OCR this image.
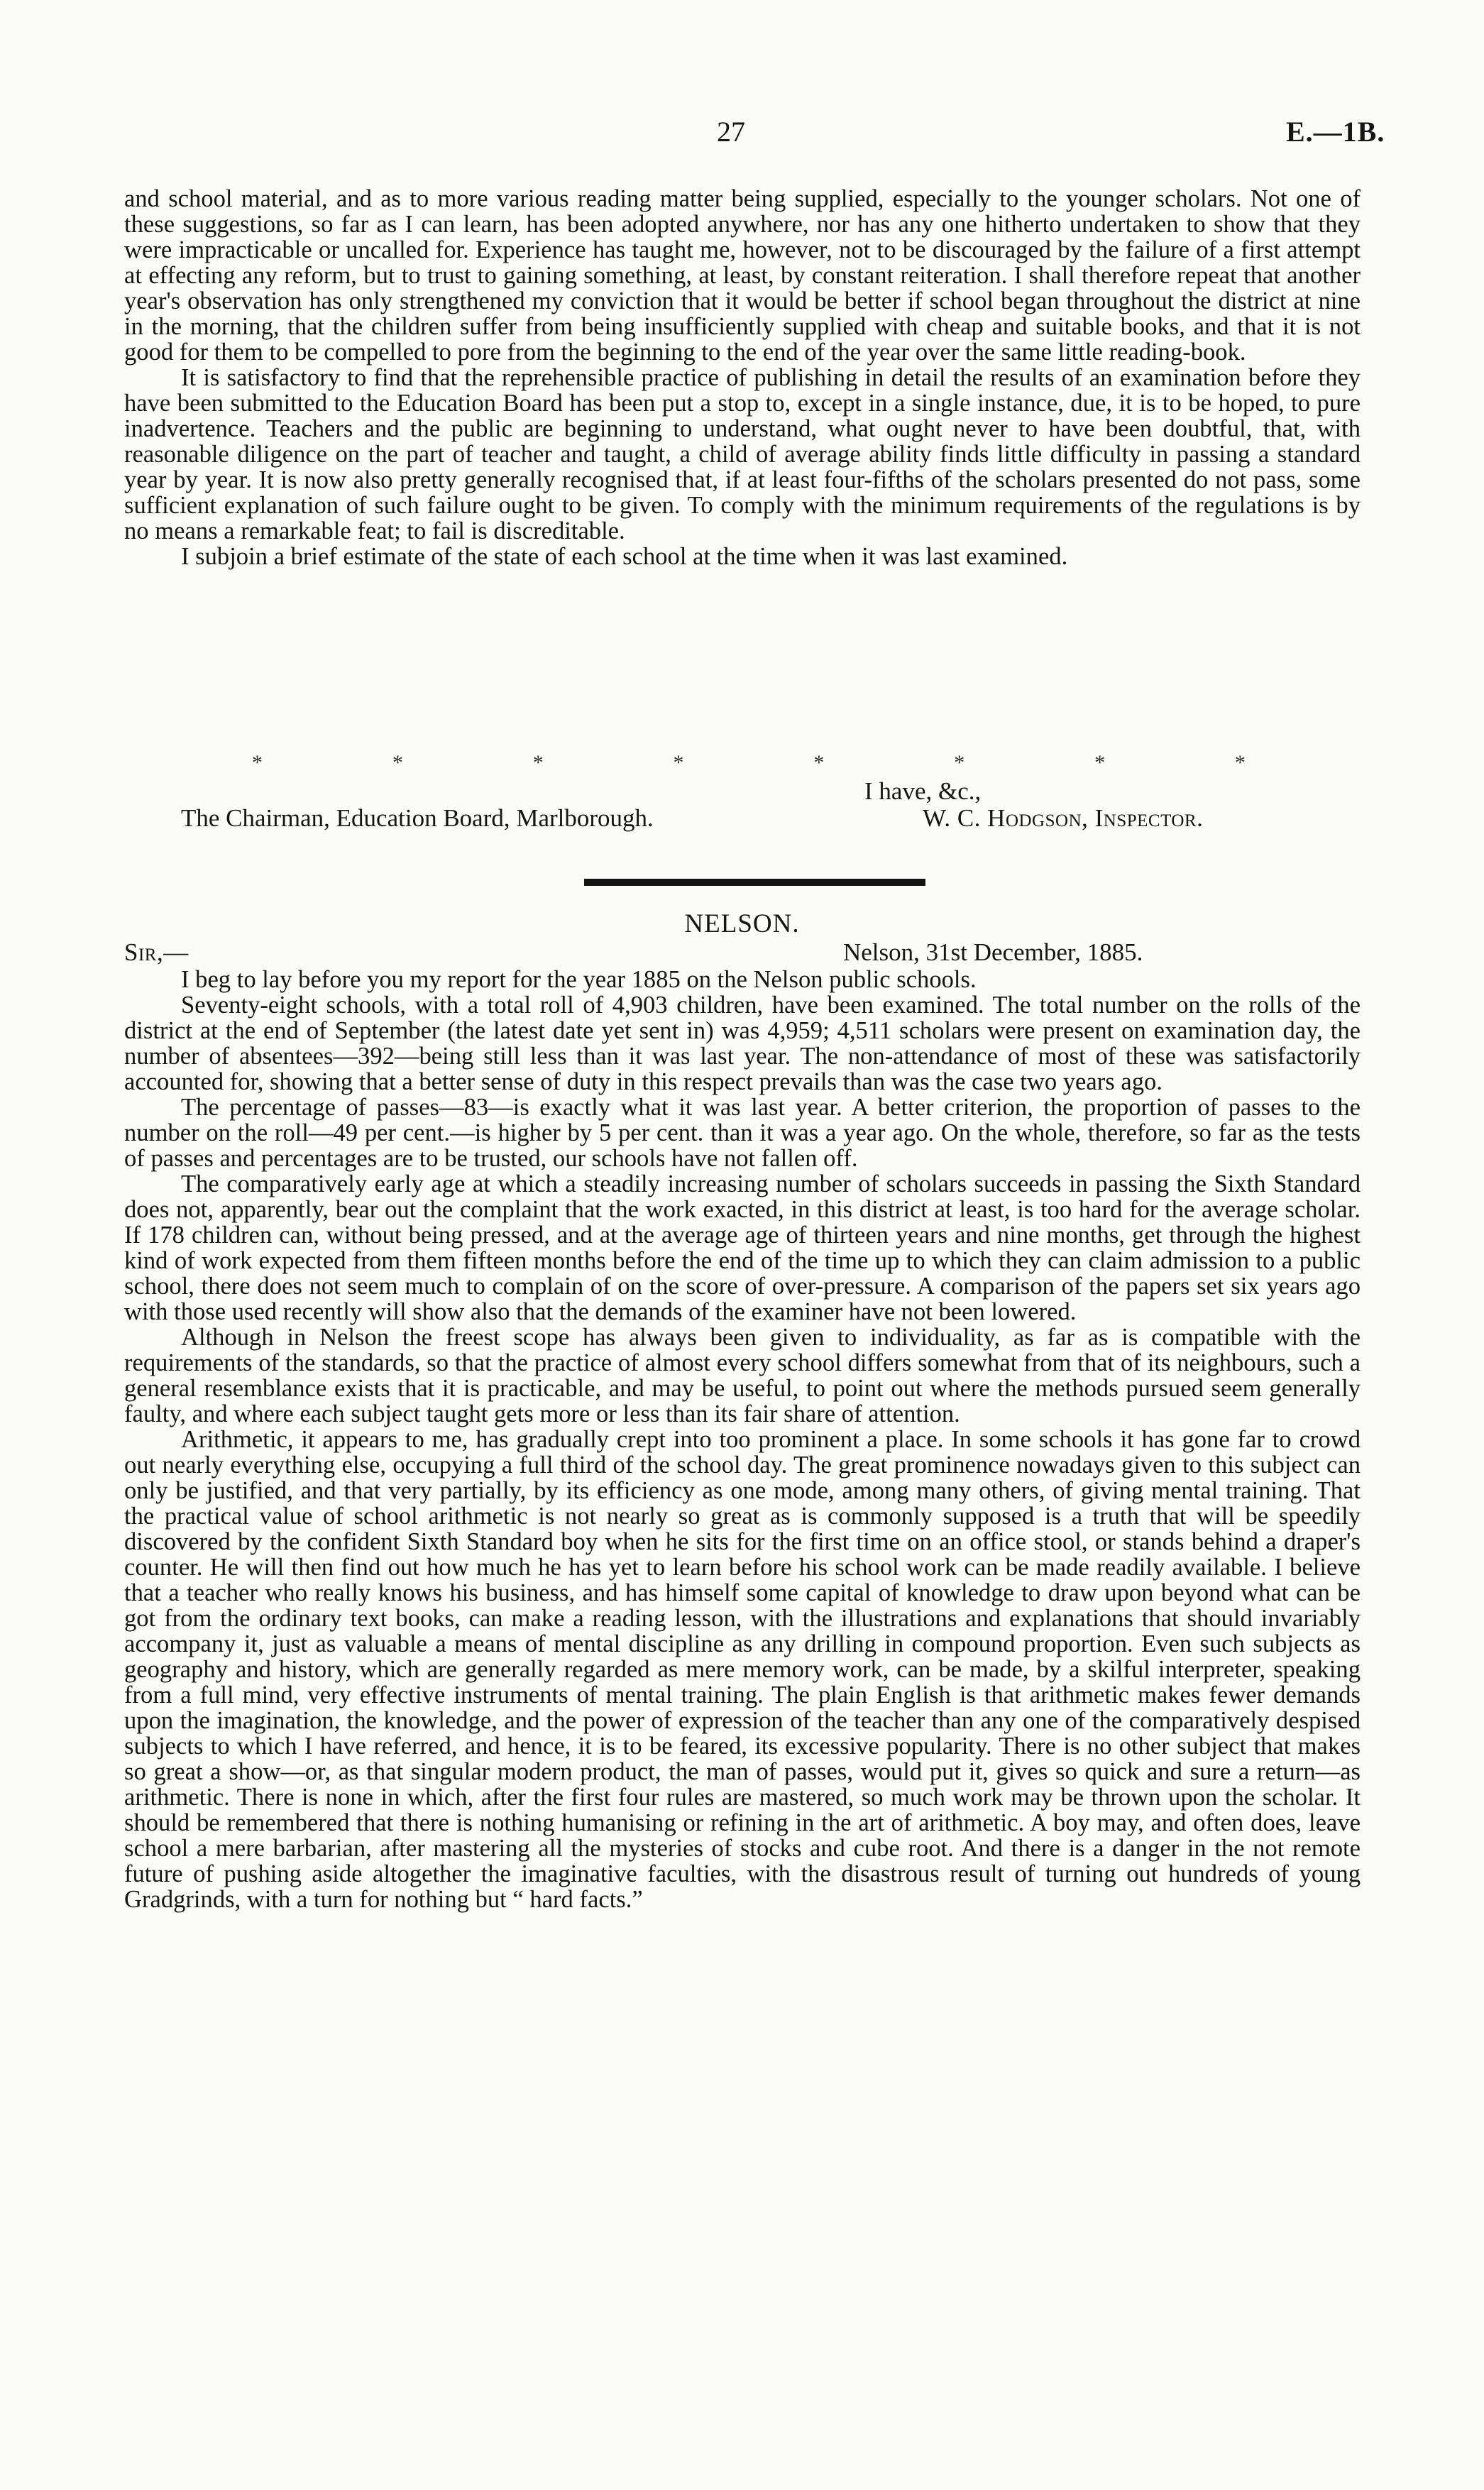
27	E.—1B.

and school material, and as to more various reading matter being supplied, especially to the younger scholars. Not one of these suggestions, so far as I can learn, has been adopted anywhere, nor has any one hitherto undertaken to show that they were impracticable or uncalled for. Experience has taught me, however, not to be discouraged by the failure of a first attempt at effecting any reform, but to trust to gaining something, at least, by constant reiteration. I shall therefore repeat that another year's observation has only strengthened my conviction that it would be better if school began throughout the district at nine in the morning, that the children suffer from being insufficiently supplied with cheap and suitable books, and that it is not good for them to be compelled to pore from the beginning to the end of the year over the same little reading-book.

It is satisfactory to find that the reprehensible practice of publishing in detail the results of an examination before they have been submitted to the Education Board has been put a stop to, except in a single instance, due, it is to be hoped, to pure inadvertence. Teachers and the public are beginning to understand, what ought never to have been doubtful, that, with reasonable diligence on the part of teacher and taught, a child of average ability finds little difficulty in passing a standard year by year. It is now also pretty generally recognised that, if at least four-fifths of the scholars presented do not pass, some sufficient explanation of such failure ought to be given. To comply with the minimum requirements of the regulations is by no means a remarkable feat; to fail is discreditable.

I subjoin a brief estimate of the state of each school at the time when it was last examined.

*	*	*	*	*	*	*	*
I have, &c.,
The Chairman, Education Board, Marlborough.	W. C. Hodgson, Inspector.
NELSON.
Sir,—	Nelson, 31st December, 1885.

I beg to lay before you my report for the year 1885 on the Nelson public schools.

Seventy-eight schools, with a total roll of 4,903 children, have been examined. The total number on the rolls of the district at the end of September (the latest date yet sent in) was 4,959; 4,511 scholars were present on examination day, the number of absentees—392—being still less than it was last year. The non-attendance of most of these was satisfactorily accounted for, showing that a better sense of duty in this respect prevails than was the case two years ago.

The percentage of passes—83—is exactly what it was last year. A better criterion, the proportion of passes to the number on the roll—49 per cent.—is higher by 5 per cent. than it was a year ago. On the whole, therefore, so far as the tests of passes and percentages are to be trusted, our schools have not fallen off.

The comparatively early age at which a steadily increasing number of scholars succeeds in passing the Sixth Standard does not, apparently, bear out the complaint that the work exacted, in this district at least, is too hard for the average scholar. If 178 children can, without being pressed, and at the average age of thirteen years and nine months, get through the highest kind of work expected from them fifteen months before the end of the time up to which they can claim admission to a public school, there does not seem much to complain of on the score of over-pressure. A comparison of the papers set six years ago with those used recently will show also that the demands of the examiner have not been lowered.

Although in Nelson the freest scope has always been given to individuality, as far as is compatible with the requirements of the standards, so that the practice of almost every school differs somewhat from that of its neighbours, such a general resemblance exists that it is practicable, and may be useful, to point out where the methods pursued seem generally faulty, and where each subject taught gets more or less than its fair share of attention.

Arithmetic, it appears to me, has gradually crept into too prominent a place. In some schools it has gone far to crowd out nearly everything else, occupying a full third of the school day. The great prominence nowadays given to this subject can only be justified, and that very partially, by its efficiency as one mode, among many others, of giving mental training. That the practical value of school arithmetic is not nearly so great as is commonly supposed is a truth that will be speedily discovered by the confident Sixth Standard boy when he sits for the first time on an office stool, or stands behind a draper's counter. He will then find out how much he has yet to learn before his school work can be made readily available. I believe that a teacher who really knows his business, and has himself some capital of knowledge to draw upon beyond what can be got from the ordinary text books, can make a reading lesson, with the illustrations and explanations that should invariably accompany it, just as valuable a means of mental discipline as any drilling in compound proportion. Even such subjects as geography and history, which are generally regarded as mere memory work, can be made, by a skilful interpreter, speaking from a full mind, very effective instruments of mental training. The plain English is that arithmetic makes fewer demands upon the imagination, the knowledge, and the power of expression of the teacher than any one of the comparatively despised subjects to which I have referred, and hence, it is to be feared, its excessive popularity. There is no other subject that makes so great a show—or, as that singular modern product, the man of passes, would put it, gives so quick and sure a return—as arithmetic. There is none in which, after the first four rules are mastered, so much work may be thrown upon the scholar. It should be remembered that there is nothing humanising or refining in the art of arithmetic. A boy may, and often does, leave school a mere barbarian, after mastering all the mysteries of stocks and cube root. And there is a danger in the not remote future of pushing aside altogether the imaginative faculties, with the disastrous result of turning out hundreds of young Gradgrinds, with a turn for nothing but “ hard facts.”
